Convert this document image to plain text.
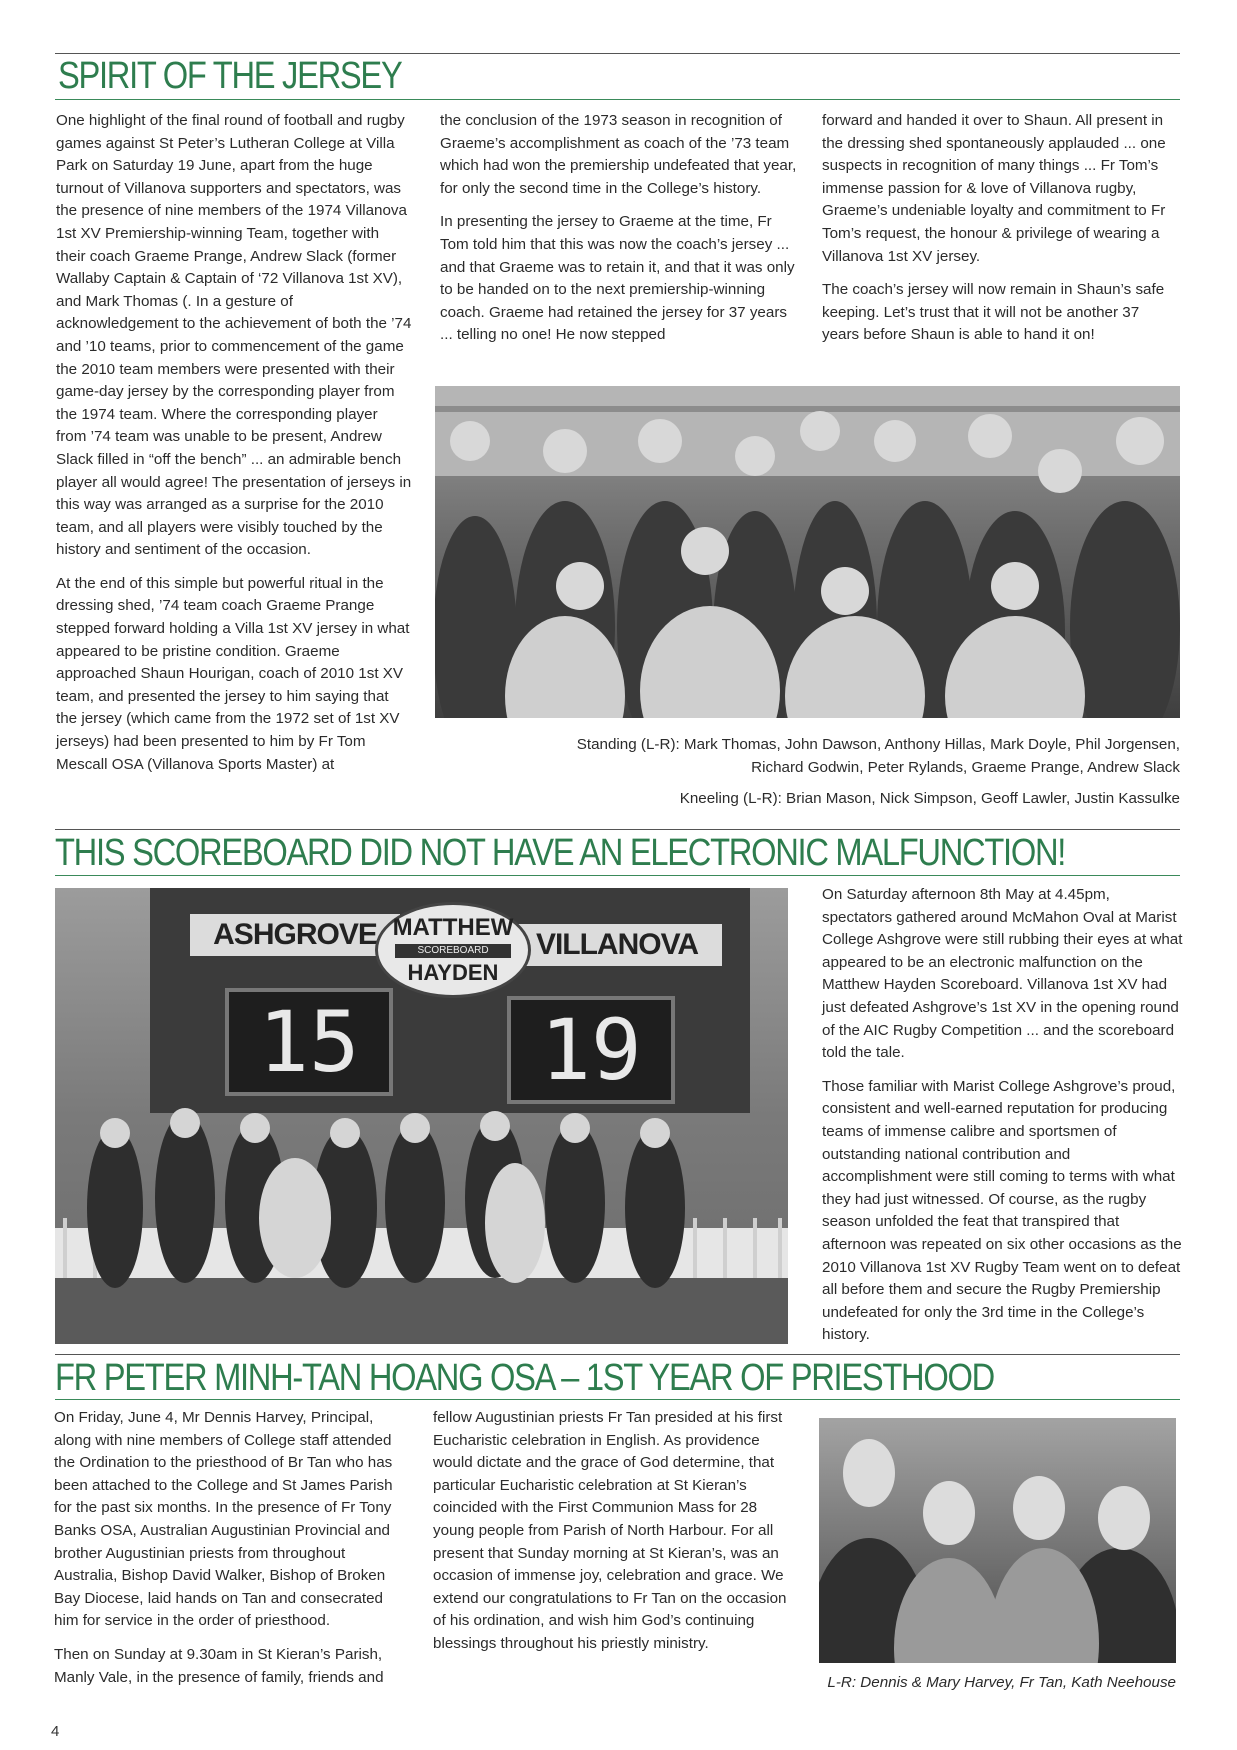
SPIRIT OF THE JERSEY

One highlight of the final round of football and rugby games against St Peter’s Lutheran College at Villa Park on Saturday 19 June, apart from the huge turnout of Villanova supporters and spectators, was the presence of nine members of the 1974 Villanova 1st XV Premiership-winning Team, together with their coach Graeme Prange, Andrew Slack (former Wallaby Captain & Captain of ‘72 Villanova 1st XV), and Mark Thomas (. In a gesture of acknowledgement to the achievement of both the ’74 and ’10 teams, prior to commencement of the game the 2010 team members were presented with their game-day jersey by the corresponding player from the 1974 team. Where the corresponding player from ’74 team was unable to be present, Andrew Slack filled in “off the bench” ... an admirable bench player all would agree! The presentation of jerseys in this way was arranged as a surprise for the 2010 team, and all players were visibly touched by the history and sentiment of the occasion.

At the end of this simple but powerful ritual in the dressing shed, ’74 team coach Graeme Prange stepped forward holding a Villa 1st XV jersey in what appeared to be pristine condition. Graeme approached Shaun Hourigan, coach of 2010 1st XV team, and presented the jersey to him saying that the jersey (which came from the 1972 set of 1st XV jerseys) had been presented to him by Fr Tom Mescall OSA (Villanova Sports Master) at

the conclusion of the 1973 season in recognition of Graeme’s accomplishment as coach of the ’73 team which had won the premiership undefeated that year, for only the second time in the College’s history.

In presenting the jersey to Graeme at the time, Fr Tom told him that this was now the coach’s jersey ... and that Graeme was to retain it, and that it was only to be handed on to the next premiership-winning coach. Graeme had retained the jersey for 37 years ... telling no one! He now stepped

forward and handed it over to Shaun. All present in the dressing shed spontaneously applauded ... one suspects in recognition of many things ... Fr Tom’s immense passion for & love of Villanova rugby, Graeme’s undeniable loyalty and commitment to Fr Tom’s request, the honour & privilege of wearing a Villanova 1st XV jersey.

The coach’s jersey will now remain in Shaun’s safe keeping. Let’s trust that it will not be another 37 years before Shaun is able to hand it on!

Standing (L-R): Mark Thomas, John Dawson, Anthony Hillas, Mark Doyle, Phil Jorgensen,
Richard Godwin, Peter Rylands, Graeme Prange, Andrew Slack
Kneeling (L-R): Brian Mason, Nick Simpson, Geoff Lawler, Justin Kassulke
THIS SCOREBOARD DID NOT HAVE AN ELECTRONIC MALFUNCTION!
ASHGROVE	VILLANOVA
MATTHEW
SCOREBOARD
HAYDEN
15	19

On Saturday afternoon 8th May at 4.45pm, spectators gathered around McMahon Oval at Marist College Ashgrove were still rubbing their eyes at what appeared to be an electronic malfunction on the Matthew Hayden Scoreboard. Villanova 1st XV had just defeated Ashgrove’s 1st XV in the opening round of the AIC Rugby Competition ... and the scoreboard told the tale.

Those familiar with Marist College Ashgrove’s proud, consistent and well-earned reputation for producing teams of immense calibre and sportsmen of outstanding national contribution and accomplishment were still coming to terms with what they had just witnessed. Of course, as the rugby season unfolded the feat that transpired that afternoon was repeated on six other occasions as the 2010 Villanova 1st XV Rugby Team went on to defeat all before them and secure the Rugby Premiership undefeated for only the 3rd time in the College’s history.

FR PETER MINH-TAN HOANG OSA – 1ST YEAR OF PRIESTHOOD

On Friday, June 4, Mr Dennis Harvey, Principal, along with nine members of College staff attended the Ordination to the priesthood of Br Tan who has been attached to the College and St James Parish for the past six months. In the presence of Fr Tony Banks OSA, Australian Augustinian Provincial and brother Augustinian priests from throughout Australia, Bishop David Walker, Bishop of Broken Bay Diocese, laid hands on Tan and consecrated him for service in the order of priesthood.

Then on Sunday at 9.30am in St Kieran’s Parish, Manly Vale, in the presence of family, friends and

fellow Augustinian priests Fr Tan presided at his first Eucharistic celebration in English. As providence would dictate and the grace of God determine, that particular Eucharistic celebration at St Kieran’s coincided with the First Communion Mass for 28 young people from Parish of North Harbour. For all present that Sunday morning at St Kieran’s, was an occasion of immense joy, celebration and grace. We extend our congratulations to Fr Tan on the occasion of his ordination, and wish him God’s continuing blessings throughout his priestly ministry.

L-R: Dennis & Mary Harvey, Fr Tan, Kath Neehouse
4
